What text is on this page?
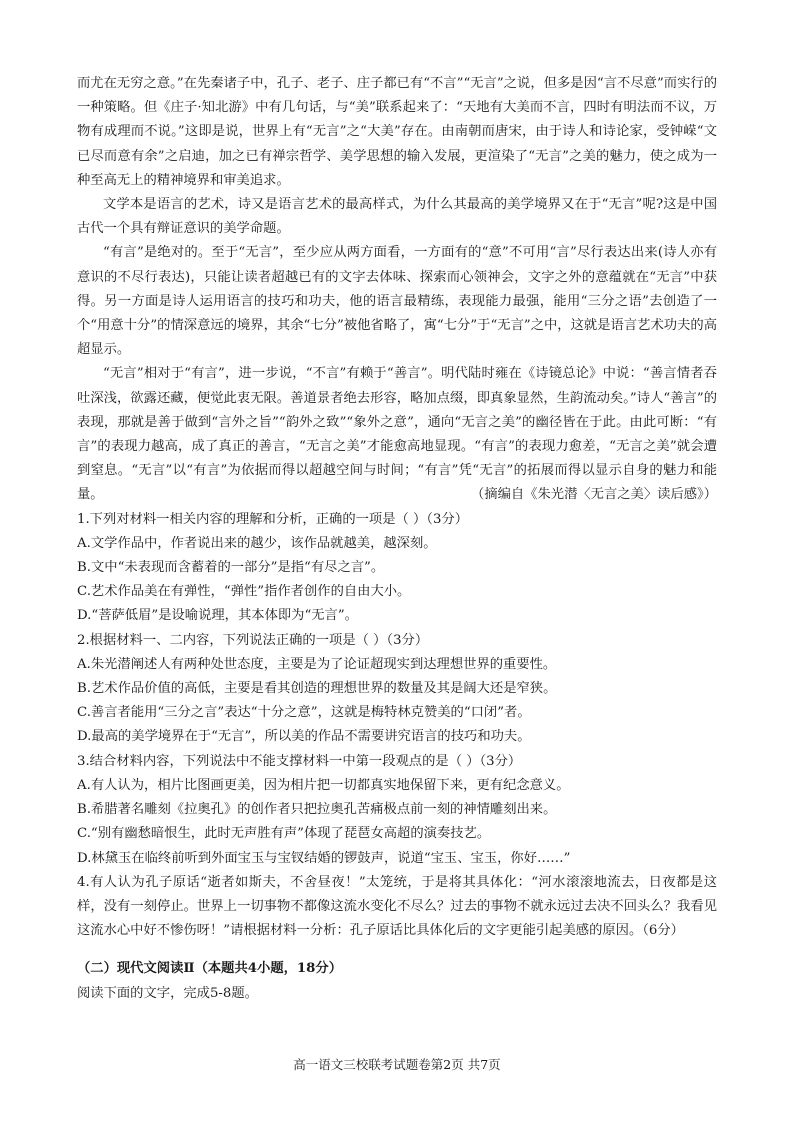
而尤在无穷之意。”在先秦诸子中，孔子、老子、庄子都已有“不言”“无言”之说，但多是因“言不尽意”而实行的一种策略。但《庄子·知北游》中有几句话，与“美”联系起来了：“天地有大美而不言，四时有明法而不议，万物有成理而不说。”这即是说，世界上有“无言”之“大美”存在。由南朝而唐宋，由于诗人和诗论家，受钟嵘“文已尽而意有余”之启迪，加之已有禅宗哲学、美学思想的输入发展，更渲染了“无言”之美的魅力，使之成为一种至高无上的精神境界和审美追求。

文学本是语言的艺术，诗又是语言艺术的最高样式，为什么其最高的美学境界又在于“无言”呢?这是中国古代一个具有辩证意识的美学命题。

“有言”是绝对的。至于“无言”，至少应从两方面看，一方面有的“意”不可用“言”尽行表达出来(诗人亦有意识的不尽行表达)，只能让读者超越已有的文字去体味、探索而心领神会，文字之外的意蕴就在“无言”中获得。另一方面是诗人运用语言的技巧和功夫，他的语言最精练，表现能力最强，能用“三分之语”去创造了一个“用意十分”的情深意远的境界，其余“七分”被他省略了，寓“七分”于“无言”之中，这就是语言艺术功夫的高超显示。

“无言”相对于“有言”，进一步说，“不言”有赖于“善言”。明代陆时雍在《诗镜总论》中说：“善言情者吞吐深浅，欲露还藏，便觉此衷无限。善道景者绝去形容，略加点缀，即真象显然，生韵流动矣。”诗人“善言”的表现，那就是善于做到“言外之旨”“韵外之致”“象外之意”，通向“无言之美”的幽径皆在于此。由此可断：“有言”的表现力越高，成了真正的善言，“无言之美”才能愈高地显现。“有言”的表现力愈差，“无言之美”就会遭到窒息。“无言”以“有言”为依据而得以超越空间与时间；“有言”凭“无言”的拓展而得以显示自身的魅力和能量。	（摘编自《朱光潜〈无言之美〉读后感》）

1.下列对材料一相关内容的理解和分析，正确的一项是（ ）（3分）

A.文学作品中，作者说出来的越少，该作品就越美，越深刻。

B.文中“未表现而含蓄着的一部分”是指“有尽之言”。

C.艺术作品美在有弹性，“弹性”指作者创作的自由大小。

D.“菩萨低眉”是设喻说理，其本体即为“无言”。

2.根据材料一、二内容，下列说法正确的一项是（ ）（3分）

A.朱光潜阐述人有两种处世态度，主要是为了论证超现实到达理想世界的重要性。

B.艺术作品价值的高低，主要是看其创造的理想世界的数量及其是阔大还是窄狭。

C.善言者能用“三分之言”表达“十分之意”，这就是梅特林克赞美的“口闭”者。

D.最高的美学境界在于“无言”，所以美的作品不需要讲究语言的技巧和功夫。

3.结合材料内容，下列说法中不能支撑材料一中第一段观点的是（ ）（3分）

A.有人认为，相片比图画更美，因为相片把一切都真实地保留下来，更有纪念意义。

B.希腊著名雕刻《拉奥孔》的创作者只把拉奥孔苦痛极点前一刻的神情雕刻出来。

C.“别有幽愁暗恨生，此时无声胜有声”体现了琵琶女高超的演奏技艺。

D.林黛玉在临终前听到外面宝玉与宝钗结婚的锣鼓声，说道“宝玉、宝玉，你好……”

4.有人认为孔子原话“逝者如斯夫，不舍昼夜！”太笼统，于是将其具体化：“河水滚滚地流去，日夜都是这样，没有一刻停止。世界上一切事物不都像这流水变化不尽么？过去的事物不就永远过去决不回头么？我看见这流水心中好不惨伤呀！”请根据材料一分析：孔子原话比具体化后的文字更能引起美感的原因。（6分）

（二）现代文阅读Ⅱ（本题共4小题，18分）

阅读下面的文字，完成5-8题。

高一语文三校联考试题卷第2页 共7页
